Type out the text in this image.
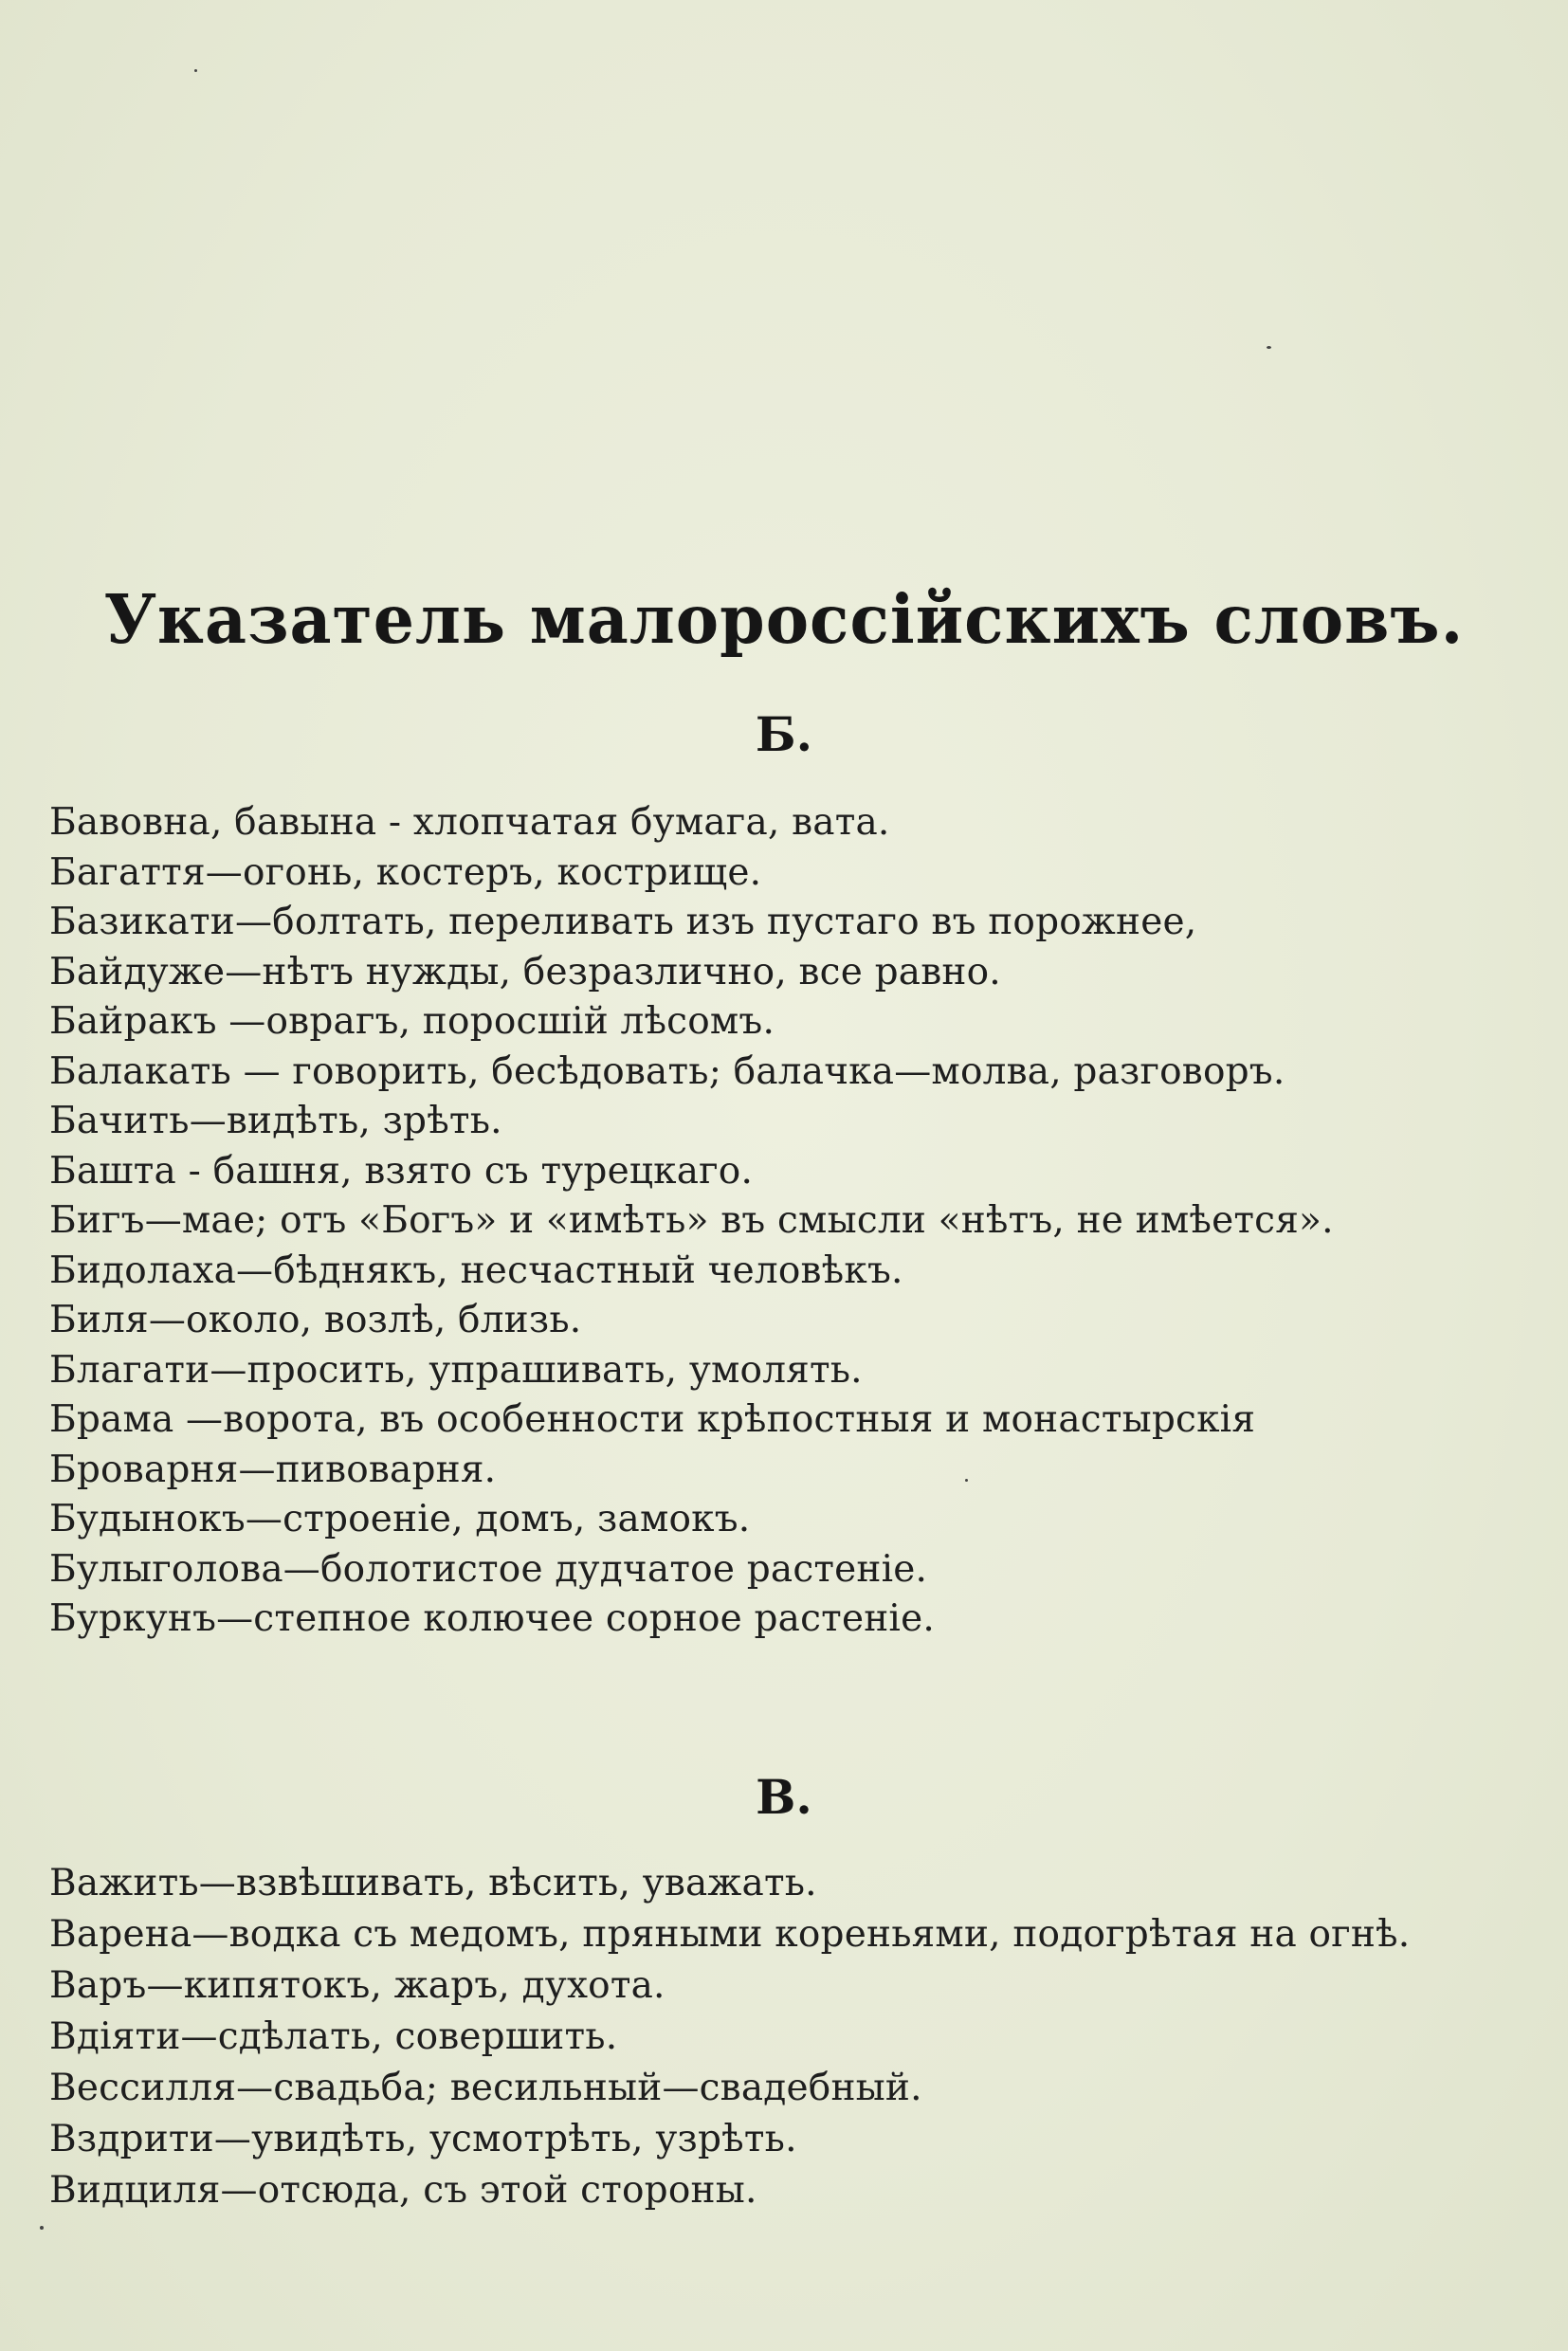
Указатель малороссійскихъ словъ.
Б.
Бавовна, бавына - хлопчатая бумага, вата.
Багаття—огонь, костеръ, кострище.
Базикати—болтать, переливать изъ пустаго въ порожнее,
Байдуже—нѣтъ нужды, безразлично, все равно.
Байракъ —оврагъ, поросшій лѣсомъ.
Балакать — говорить, бесѣдовать; балачка—молва, разговоръ.
Бачить—видѣть, зрѣть.
Башта - башня, взято съ турецкаго.
Бигъ—мае; отъ «Богъ» и «имѣть» въ смысли «нѣтъ, не имѣется».
Бидолаха—бѣднякъ, несчастный человѣкъ.
Биля—около, возлѣ, близь.
Благати—просить, упрашивать, умолять.
Брама —ворота, въ особенности крѣпостныя и монастырскія
Броварня—пивоварня.
Будынокъ—строеніе, домъ, замокъ.
Булыголова—болотистое дудчатое растеніе.
Буркунъ—степное колючее сорное растеніе.
В.
Важить—взвѣшивать, вѣсить, уважать.
Варена—водка съ медомъ, пряными кореньями, подогрѣтая на огнѣ.
Варъ—кипятокъ, жаръ, духота.
Вдіяти—сдѣлать, совершить.
Вессилля—свадьба; весильный—свадебный.
Вздрити—увидѣть, усмотрѣть, узрѣть.
Видциля—отсюда, съ этой стороны.
